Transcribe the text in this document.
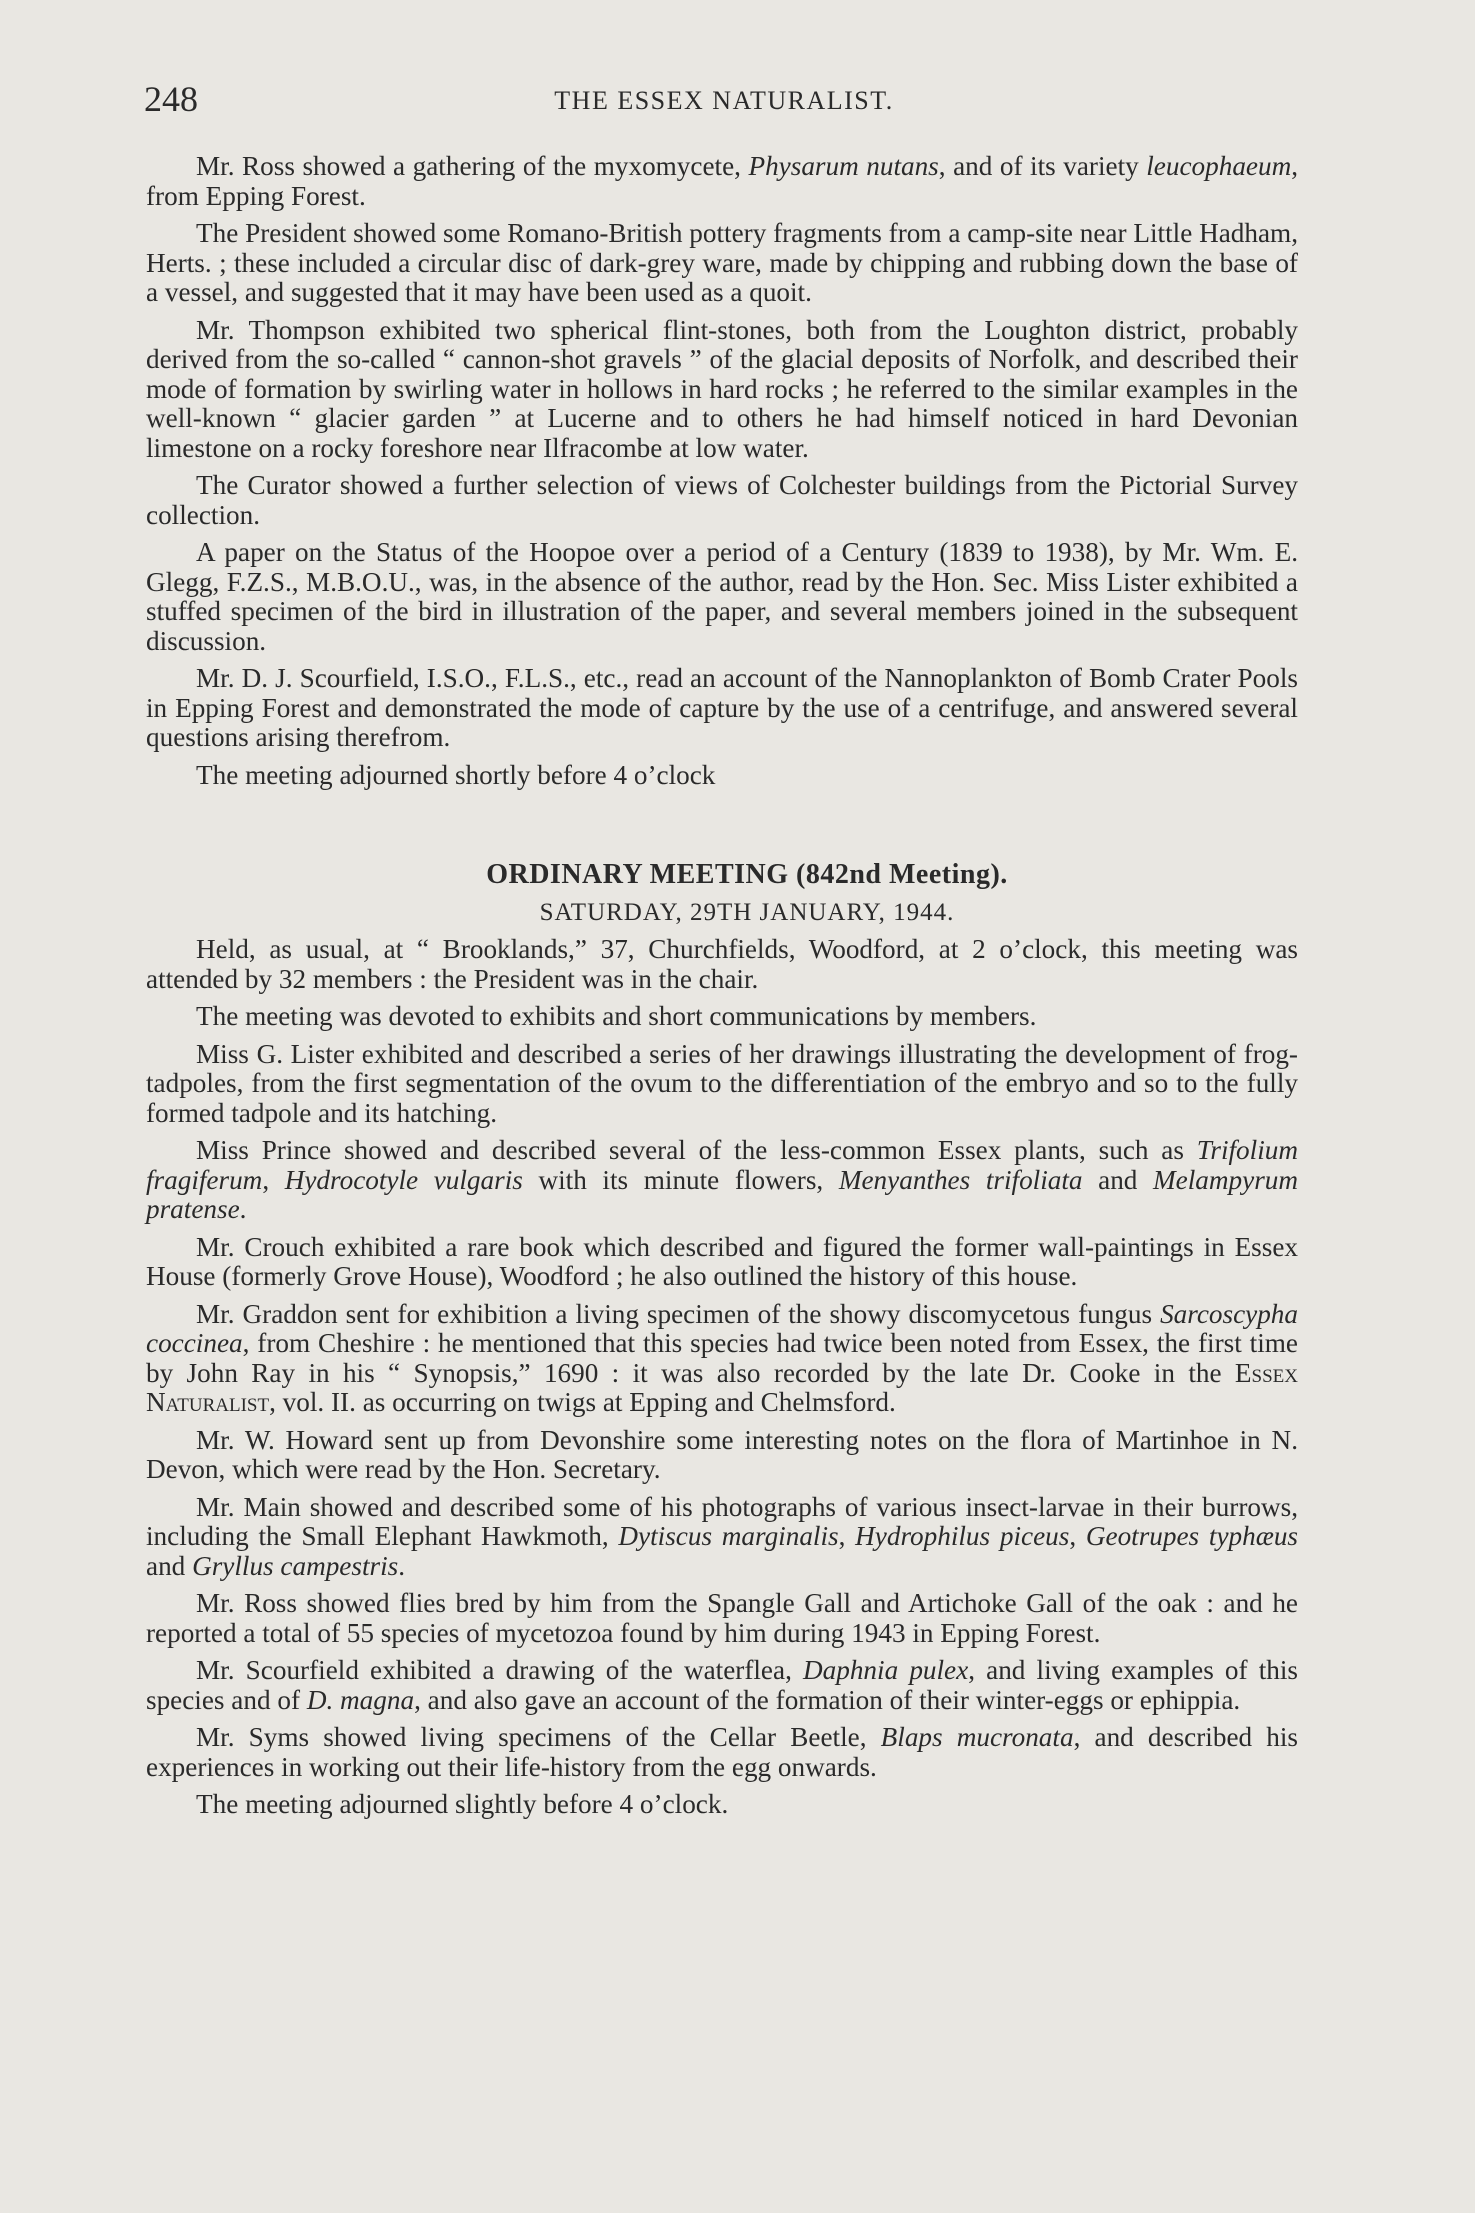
248	THE ESSEX NATURALIST.

Mr. Ross showed a gathering of the myxomycete, Physarum nutans, and of its variety leucophaeum, from Epping Forest.

The President showed some Romano-British pottery fragments from a camp-site near Little Hadham, Herts. ; these included a circular disc of dark-grey ware, made by chipping and rubbing down the base of a vessel, and suggested that it may have been used as a quoit.

Mr. Thompson exhibited two spherical flint-stones, both from the Loughton district, probably derived from the so-called “ cannon-shot gravels ” of the glacial deposits of Norfolk, and described their mode of formation by swirling water in hollows in hard rocks ; he referred to the similar examples in the well-known “ glacier garden ” at Lucerne and to others he had himself noticed in hard Devonian limestone on a rocky foreshore near Ilfracombe at low water.

The Curator showed a further selection of views of Colchester buildings from the Pictorial Survey collection.

A paper on the Status of the Hoopoe over a period of a Century (1839 to 1938), by Mr. Wm. E. Glegg, F.Z.S., M.B.O.U., was, in the absence of the author, read by the Hon. Sec. Miss Lister exhibited a stuffed specimen of the bird in illustration of the paper, and several members joined in the subsequent discussion.

Mr. D. J. Scourfield, I.S.O., F.L.S., etc., read an account of the Nannoplankton of Bomb Crater Pools in Epping Forest and demonstrated the mode of capture by the use of a centrifuge, and answered several questions arising therefrom.

The meeting adjourned shortly before 4 o’clock

ORDINARY MEETING (842nd Meeting).

SATURDAY, 29TH JANUARY, 1944.

Held, as usual, at “ Brooklands,” 37, Churchfields, Woodford, at 2 o’clock, this meeting was attended by 32 members : the President was in the chair.

The meeting was devoted to exhibits and short communications by members.

Miss G. Lister exhibited and described a series of her drawings illustrating the development of frog-tadpoles, from the first segmentation of the ovum to the differentiation of the embryo and so to the fully formed tadpole and its hatching.

Miss Prince showed and described several of the less-common Essex plants, such as Trifolium fragiferum, Hydrocotyle vulgaris with its minute flowers, Menyanthes trifoliata and Melampyrum pratense.

Mr. Crouch exhibited a rare book which described and figured the former wall-paintings in Essex House (formerly Grove House), Woodford ; he also outlined the history of this house.

Mr. Graddon sent for exhibition a living specimen of the showy discomycetous fungus Sarcoscypha coccinea, from Cheshire : he mentioned that this species had twice been noted from Essex, the first time by John Ray in his “ Synopsis,” 1690 : it was also recorded by the late Dr. Cooke in the Essex Naturalist, vol. II. as occurring on twigs at Epping and Chelmsford.

Mr. W. Howard sent up from Devonshire some interesting notes on the flora of Martinhoe in N. Devon, which were read by the Hon. Secretary.

Mr. Main showed and described some of his photographs of various insect-larvae in their burrows, including the Small Elephant Hawkmoth, Dytiscus marginalis, Hydrophilus piceus, Geotrupes typhæus and Gryllus campestris.

Mr. Ross showed flies bred by him from the Spangle Gall and Artichoke Gall of the oak : and he reported a total of 55 species of mycetozoa found by him during 1943 in Epping Forest.

Mr. Scourfield exhibited a drawing of the waterflea, Daphnia pulex, and living examples of this species and of D. magna, and also gave an account of the formation of their winter-eggs or ephippia.

Mr. Syms showed living specimens of the Cellar Beetle, Blaps mucronata, and described his experiences in working out their life-history from the egg onwards.

The meeting adjourned slightly before 4 o’clock.
